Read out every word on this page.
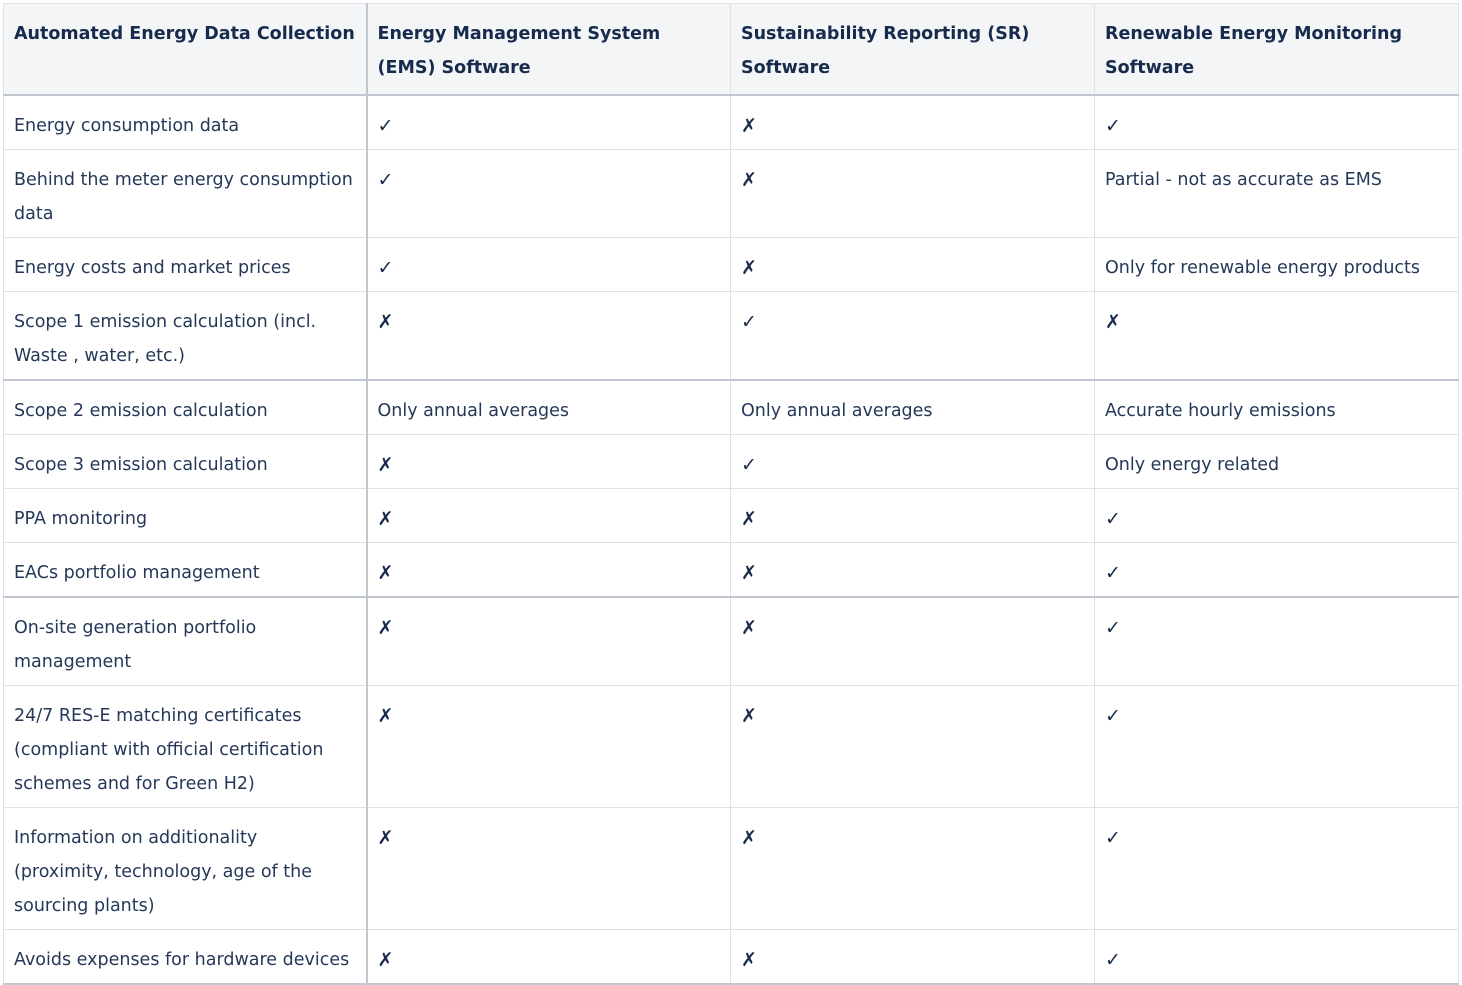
Automated Energy Data Collection	Energy Management System (EMS) Software	Sustainability Reporting (SR) Software	Renewable Energy Monitoring Software
Energy consumption data	✓	✗	✓
Behind the meter energy consumption data	✓	✗	Partial - not as accurate as EMS
Energy costs and market prices	✓	✗	Only for renewable energy products
Scope 1 emission calculation (incl. Waste , water, etc.)	✗	✓	✗
Scope 2 emission calculation	Only annual averages	Only annual averages	Accurate hourly emissions
Scope 3 emission calculation	✗	✓	Only energy related
PPA monitoring	✗	✗	✓
EACs portfolio management	✗	✗	✓
On-site generation portfolio management	✗	✗	✓
24/7 RES-E matching certificates (compliant with official certification schemes and for Green H2)	✗	✗	✓
Information on additionality (proximity, technology, age of the sourcing plants)	✗	✗	✓
Avoids expenses for hardware devices	✗	✗	✓
